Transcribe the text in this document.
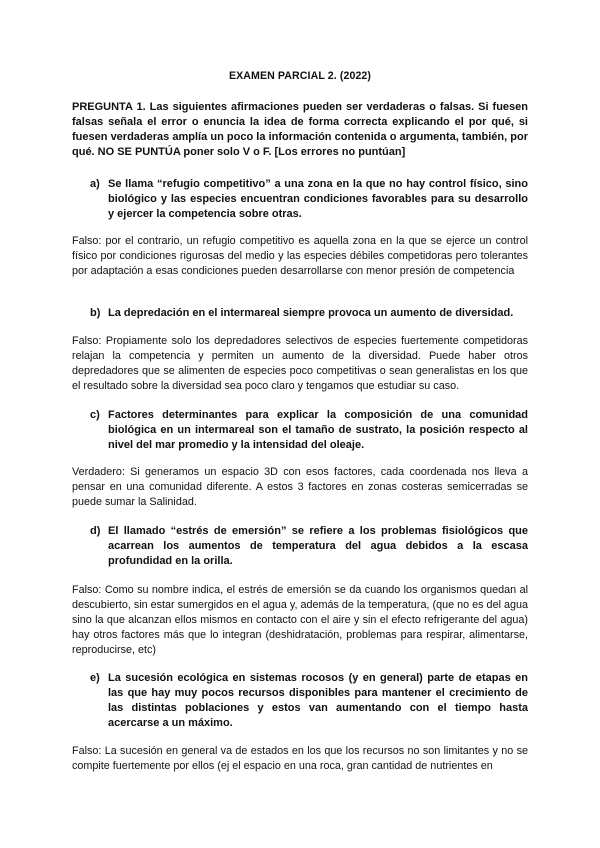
EXAMEN PARCIAL 2. (2022)
PREGUNTA 1. Las siguientes afirmaciones pueden ser verdaderas o falsas. Si fuesen falsas señala el error o enuncia la idea de forma correcta explicando el por qué, si fuesen verdaderas amplía un poco la información contenida o argumenta, también, por qué. NO SE PUNTÚA poner solo V o F. [Los errores no puntúan]
a) Se llama “refugio competitivo” a una zona en la que no hay control físico, sino biológico y las especies encuentran condiciones favorables para su desarrollo y ejercer la competencia sobre otras.
Falso: por el contrario, un refugio competitivo es aquella zona en la que se ejerce un control físico por condiciones rigurosas del medio y las especies débiles competidoras pero tolerantes por adaptación a esas condiciones pueden desarrollarse con menor presión de competencia
b) La depredación en el intermareal siempre provoca un aumento de diversidad.
Falso: Propiamente solo los depredadores selectivos de especies fuertemente competidoras relajan la competencia y permiten un aumento de la diversidad. Puede haber otros depredadores que se alimenten de especies poco competitivas o sean generalistas en los que el resultado sobre la diversidad sea poco claro y tengamos que estudiar su caso.
c) Factores determinantes para explicar la composición de una comunidad biológica en un intermareal son el tamaño de sustrato, la posición respecto al nivel del mar promedio y la intensidad del oleaje.
Verdadero: Si generamos un espacio 3D con esos factores, cada coordenada nos lleva a pensar en una comunidad diferente. A estos 3 factores en zonas costeras semicerradas se puede sumar la Salinidad.
d) El llamado “estrés de emersión” se refiere a los problemas fisiológicos que acarrean los aumentos de temperatura del agua debidos a la escasa profundidad en la orilla.
Falso: Como su nombre indica, el estrés de emersión se da cuando los organismos quedan al descubierto, sin estar sumergidos en el agua y, además de la temperatura, (que no es del agua sino la que alcanzan ellos mismos en contacto con el aire y sin el efecto refrigerante del agua) hay otros factores más que lo integran (deshidratación, problemas para respirar, alimentarse, reproducirse, etc)
e) La sucesión ecológica en sistemas rocosos (y en general) parte de etapas en las que hay muy pocos recursos disponibles para mantener el crecimiento de las distintas poblaciones y estos van aumentando con el tiempo hasta acercarse a un máximo.
Falso: La sucesión en general va de estados en los que los recursos no son limitantes y no se compite fuertemente por ellos (ej el espacio en una roca, gran cantidad de nutrientes en
